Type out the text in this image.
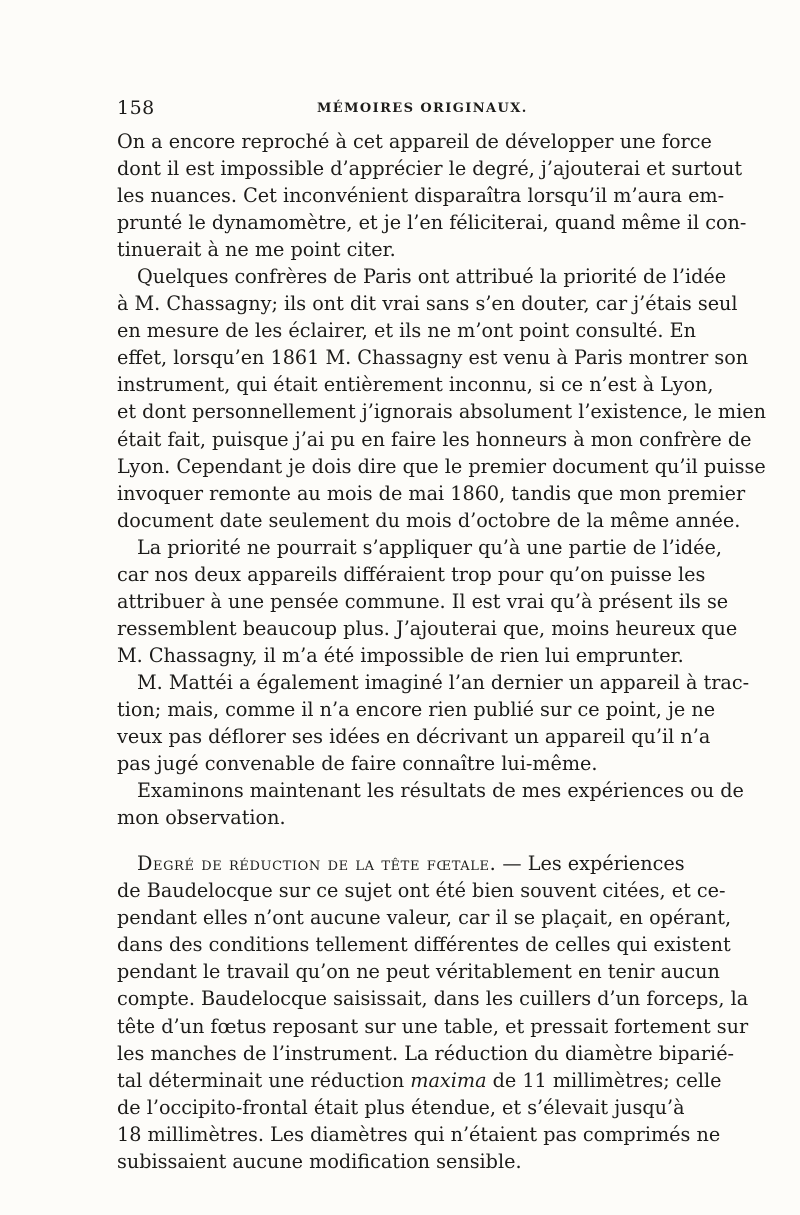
158	MÉMOIRES ORIGINAUX.
On a encore reproché à cet appareil de développer une force
dont il est impossible d’apprécier le degré, j’ajouterai et surtout
les nuances. Cet inconvénient disparaîtra lorsqu’il m’aura em-
prunté le dynamomètre, et je l’en féliciterai, quand même il con-
tinuerait à ne me point citer.
Quelques confrères de Paris ont attribué la priorité de l’idée
à M. Chassagny; ils ont dit vrai sans s’en douter, car j’étais seul
en mesure de les éclairer, et ils ne m’ont point consulté. En
effet, lorsqu’en 1861 M. Chassagny est venu à Paris montrer son
instrument, qui était entièrement inconnu, si ce n’est à Lyon,
et dont personnellement j’ignorais absolument l’existence, le mien
était fait, puisque j’ai pu en faire les honneurs à mon confrère de
Lyon. Cependant je dois dire que le premier document qu’il puisse
invoquer remonte au mois de mai 1860, tandis que mon premier
document date seulement du mois d’octobre de la même année.
La priorité ne pourrait s’appliquer qu’à une partie de l’idée,
car nos deux appareils différaient trop pour qu’on puisse les
attribuer à une pensée commune. Il est vrai qu’à présent ils se
ressemblent beaucoup plus. J’ajouterai que, moins heureux que
M. Chassagny, il m’a été impossible de rien lui emprunter.
M. Mattéi a également imaginé l’an dernier un appareil à trac-
tion; mais, comme il n’a encore rien publié sur ce point, je ne
veux pas déflorer ses idées en décrivant un appareil qu’il n’a
pas jugé convenable de faire connaître lui-même.
Examinons maintenant les résultats de mes expériences ou de
mon observation.
Degré de réduction de la tête fœtale. — Les expériences
de Baudelocque sur ce sujet ont été bien souvent citées, et ce-
pendant elles n’ont aucune valeur, car il se plaçait, en opérant,
dans des conditions tellement différentes de celles qui existent
pendant le travail qu’on ne peut véritablement en tenir aucun
compte. Baudelocque saisissait, dans les cuillers d’un forceps, la
tête d’un fœtus reposant sur une table, et pressait fortement sur
les manches de l’instrument. La réduction du diamètre biparié-
tal déterminait une réduction maxima de 11 millimètres; celle
de l’occipito-frontal était plus étendue, et s’élevait jusqu’à
18 millimètres. Les diamètres qui n’étaient pas comprimés ne
subissaient aucune modification sensible.
